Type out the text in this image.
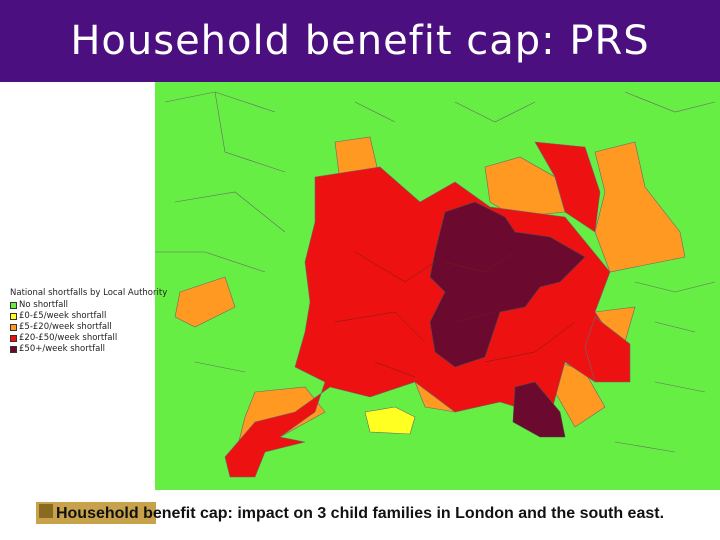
Household benefit cap: PRS
National shortfalls by Local Authority
No shortfall
£0-£5/week shortfall
£5-£20/week shortfall
£20-£50/week shortfall
£50+/week shortfall
Household benefit cap: impact on 3 child families in London and the south east.
